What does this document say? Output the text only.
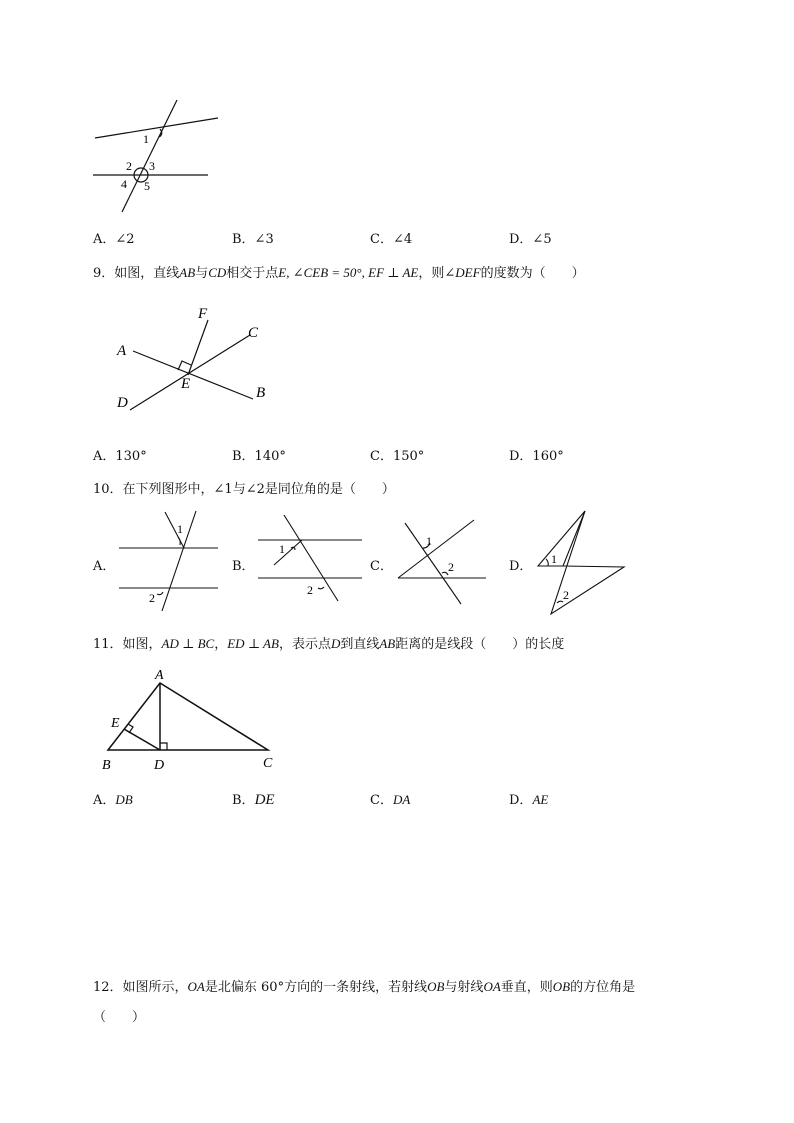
1
2 3
4 5
A．∠2	B．∠3	C．∠4	D．∠5
9．如图，直线AB与CD相交于点E, ∠CEB = 50°, EF ⊥ AE，则∠DEF的度数为（　　）
F
C
A
E
B
D
A．130°	B．140°	C．150°	D．160°
10．在下列图形中，∠1与∠2是同位角的是（　　）
A．	B．	C．	D．
1
2
1
2
1
2
1
2
11．如图，AD ⊥ BC，ED ⊥ AB，表示点D到直线AB距离的是线段（　　）的长度
A
E
B	D	C
A．DB	B．DE	C．DA	D．AE
12．如图所示，OA是北偏东 60°方向的一条射线，若射线OB与射线OA垂直，则OB的方位角是
（　　）
